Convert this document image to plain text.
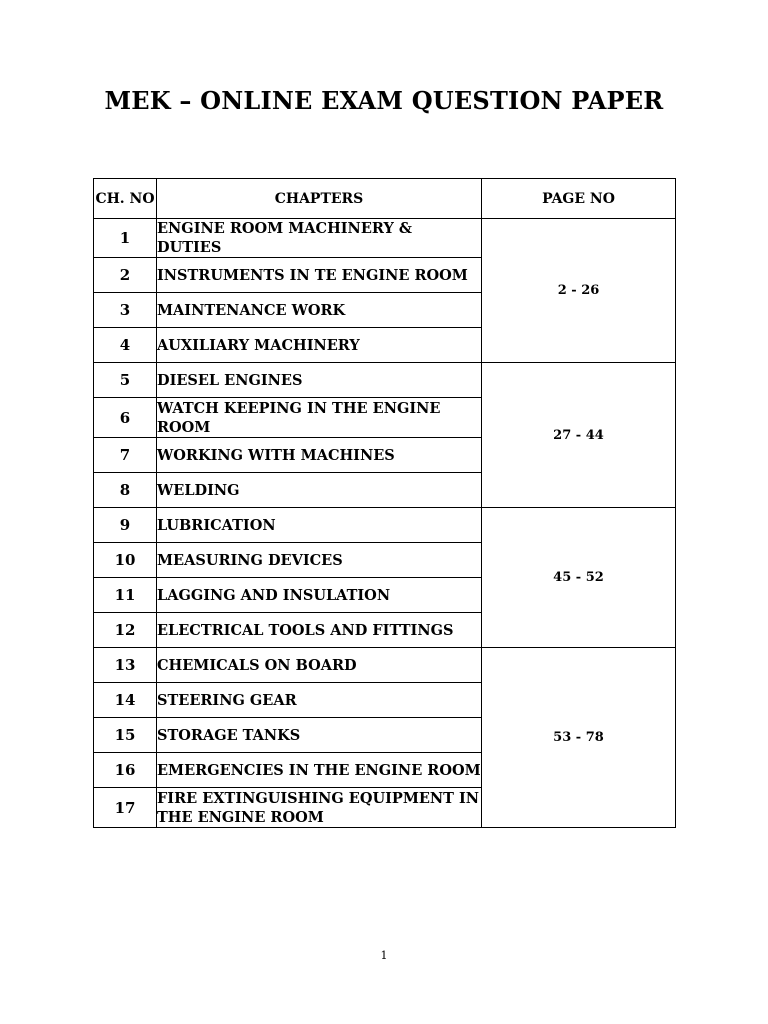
MEK – ONLINE EXAM QUESTION PAPER
CH. NO	CHAPTERS	PAGE NO
1	ENGINE ROOM MACHINERY & DUTIES	2 - 26
2	INSTRUMENTS IN TE ENGINE ROOM	
3	MAINTENANCE WORK	
4	AUXILIARY MACHINERY	
5	DIESEL ENGINES	27 - 44
6	WATCH KEEPING IN THE ENGINE ROOM	
7	WORKING WITH MACHINES	
8	WELDING	
9	LUBRICATION	45 - 52
10	MEASURING DEVICES	
11	LAGGING AND INSULATION	
12	ELECTRICAL TOOLS AND FITTINGS	
13	CHEMICALS ON BOARD	53 - 78
14	STEERING GEAR	
15	STORAGE TANKS	
16	EMERGENCIES IN THE ENGINE ROOM	
17	FIRE EXTINGUISHING EQUIPMENT IN THE ENGINE ROOM	
1
